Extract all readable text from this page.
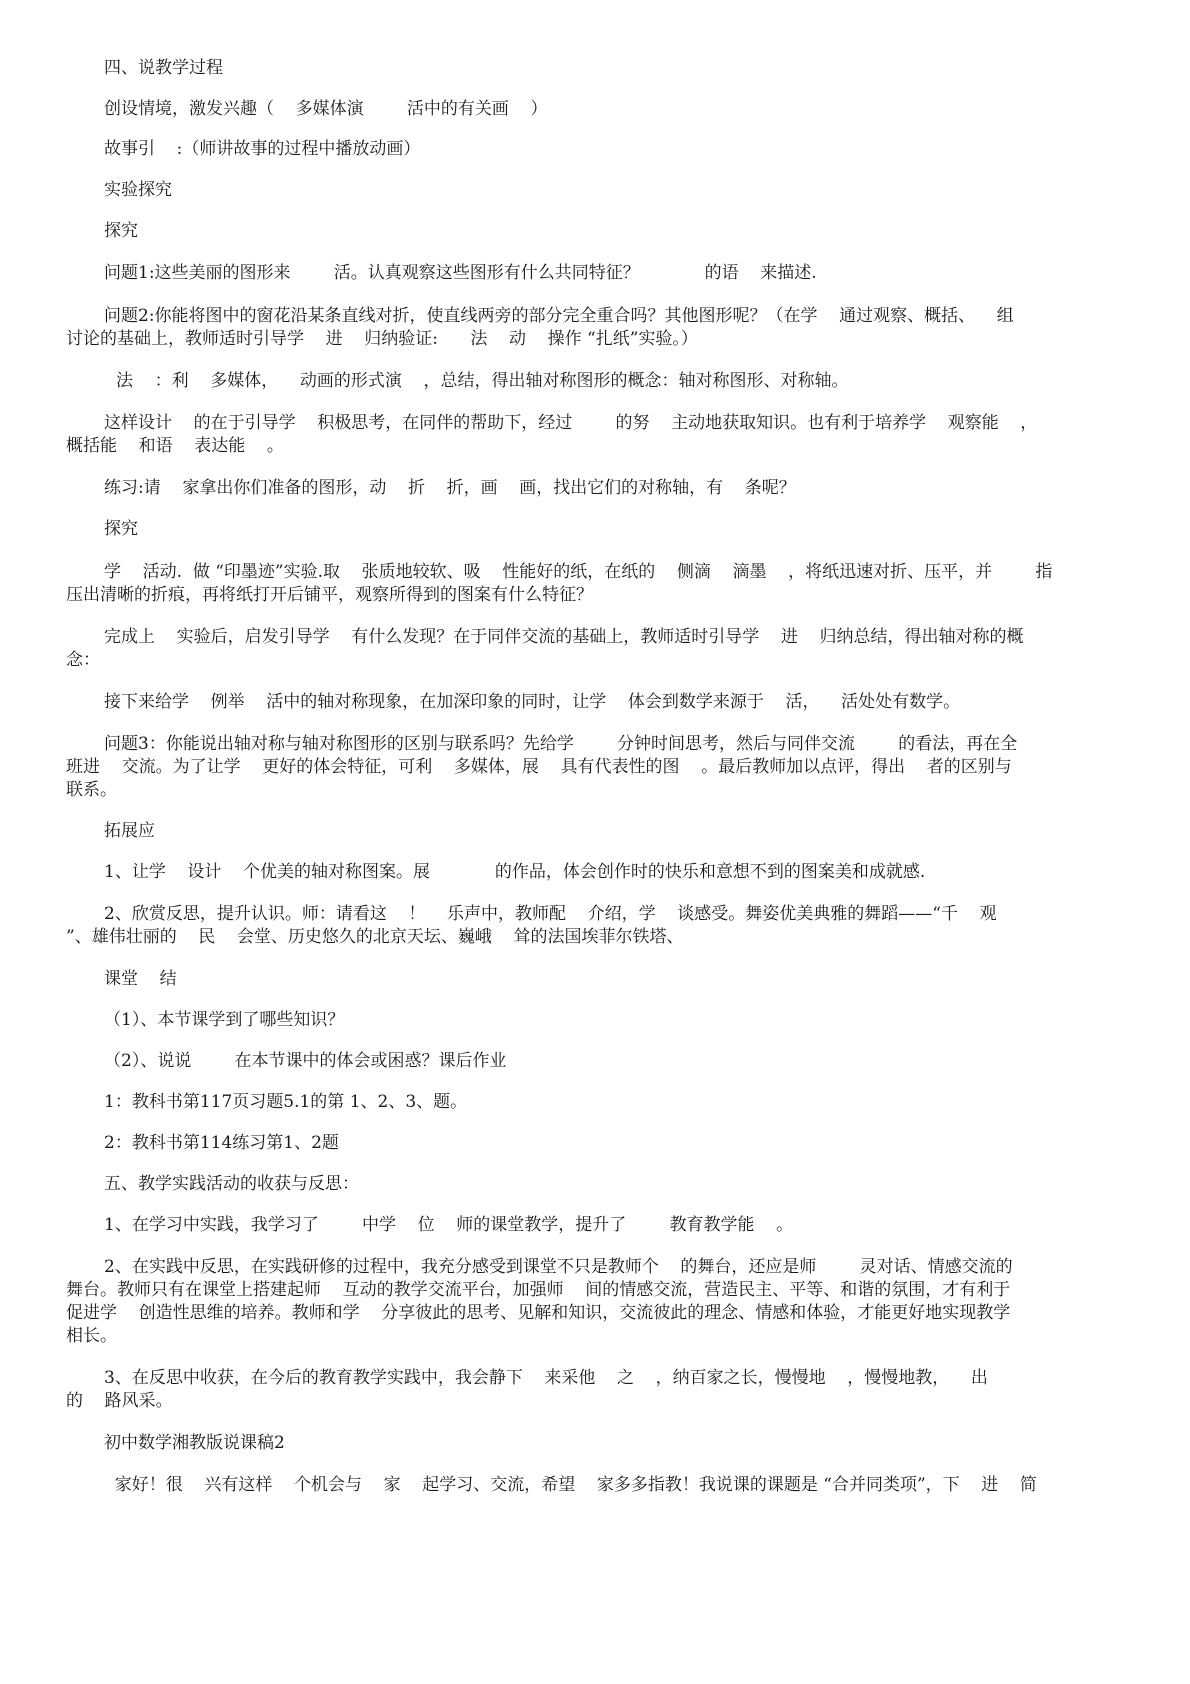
四、说教学过程
创设情境，激发兴趣（    多媒体演        活中的有关画    ）
故事引    :（师讲故事的过程中播放动画）
实验探究
探究
问题1:这些美丽的图形来        活。认真观察这些图形有什么共同特征？            的语    来描述.
问题2:你能将图中的窗花沿某条直线对折，使直线两旁的部分完全重合吗？其他图形呢？（在学    通过观察、概括、    组
讨论的基础上，教师适时引导学    进    归纳验证:      法    动    操作 “扎纸”实验。）
法    ：利    多媒体，    动画的形式演    ，总结，得出轴对称图形的概念：轴对称图形、对称轴。
这样设计    的在于引导学    积极思考，在同伴的帮助下，经过        的努    主动地获取知识。也有利于培养学    观察能    ，
概括能    和语    表达能    。
练习:请    家拿出你们准备的图形，动    折    折，画    画，找出它们的对称轴，有    条呢？
探究
学    活动.  做 “印墨迹”实验.取    张质地较软、吸    性能好的纸，在纸的    侧滴    滴墨    ，将纸迅速对折、压平，并        指
压出清晰的折痕，再将纸打开后铺平，观察所得到的图案有什么特征？
完成上    实验后，启发引导学    有什么发现？在于同伴交流的基础上，教师适时引导学    进    归纳总结，得出轴对称的概
念：
接下来给学    例举    活中的轴对称现象，在加深印象的同时，让学    体会到数学来源于    活，    活处处有数学。
问题3：你能说出轴对称与轴对称图形的区别与联系吗？先给学        分钟时间思考，然后与同伴交流        的看法，再在全
班进    交流。为了让学    更好的体会特征，可利    多媒体，展    具有代表性的图    。最后教师加以点评，得出    者的区别与
联系。
拓展应
1、让学    设计    个优美的轴对称图案。展            的作品，体会创作时的快乐和意想不到的图案美和成就感.
2、欣赏反思，提升认识。师：请看这    ！    乐声中，教师配    介绍，学    谈感受。舞姿优美典雅的舞蹈——“千    观
”、雄伟壮丽的    民    会堂、历史悠久的北京天坛、巍峨    耸的法国埃菲尔铁塔、
课堂    结
（1）、本节课学到了哪些知识？
（2）、说说        在本节课中的体会或困惑？课后作业
1：教科书第117页习题5.1的第 1、2、3、题。
2：教科书第114练习第1、2题
五、教学实践活动的收获与反思：
1、在学习中实践，我学习了        中学    位    师的课堂教学，提升了        教育教学能    。
2、在实践中反思，在实践研修的过程中，我充分感受到课堂不只是教师个    的舞台，还应是师        灵对话、情感交流的
舞台。教师只有在课堂上搭建起师    互动的教学交流平台，加强师    间的情感交流，营造民主、平等、和谐的氛围，才有利于
促进学    创造性思维的培养。教师和学    分享彼此的思考、见解和知识，交流彼此的理念、情感和体验，才能更好地实现教学
相长。
3、在反思中收获，在今后的教育教学实践中，我会静下    来采他    之    ，纳百家之长，慢慢地    ，慢慢地教，    出
的    路风采。
初中数学湘教版说课稿2
家好！很    兴有这样    个机会与    家    起学习、交流，希望    家多多指教！我说课的课题是 “合并同类项”，下    进    简
